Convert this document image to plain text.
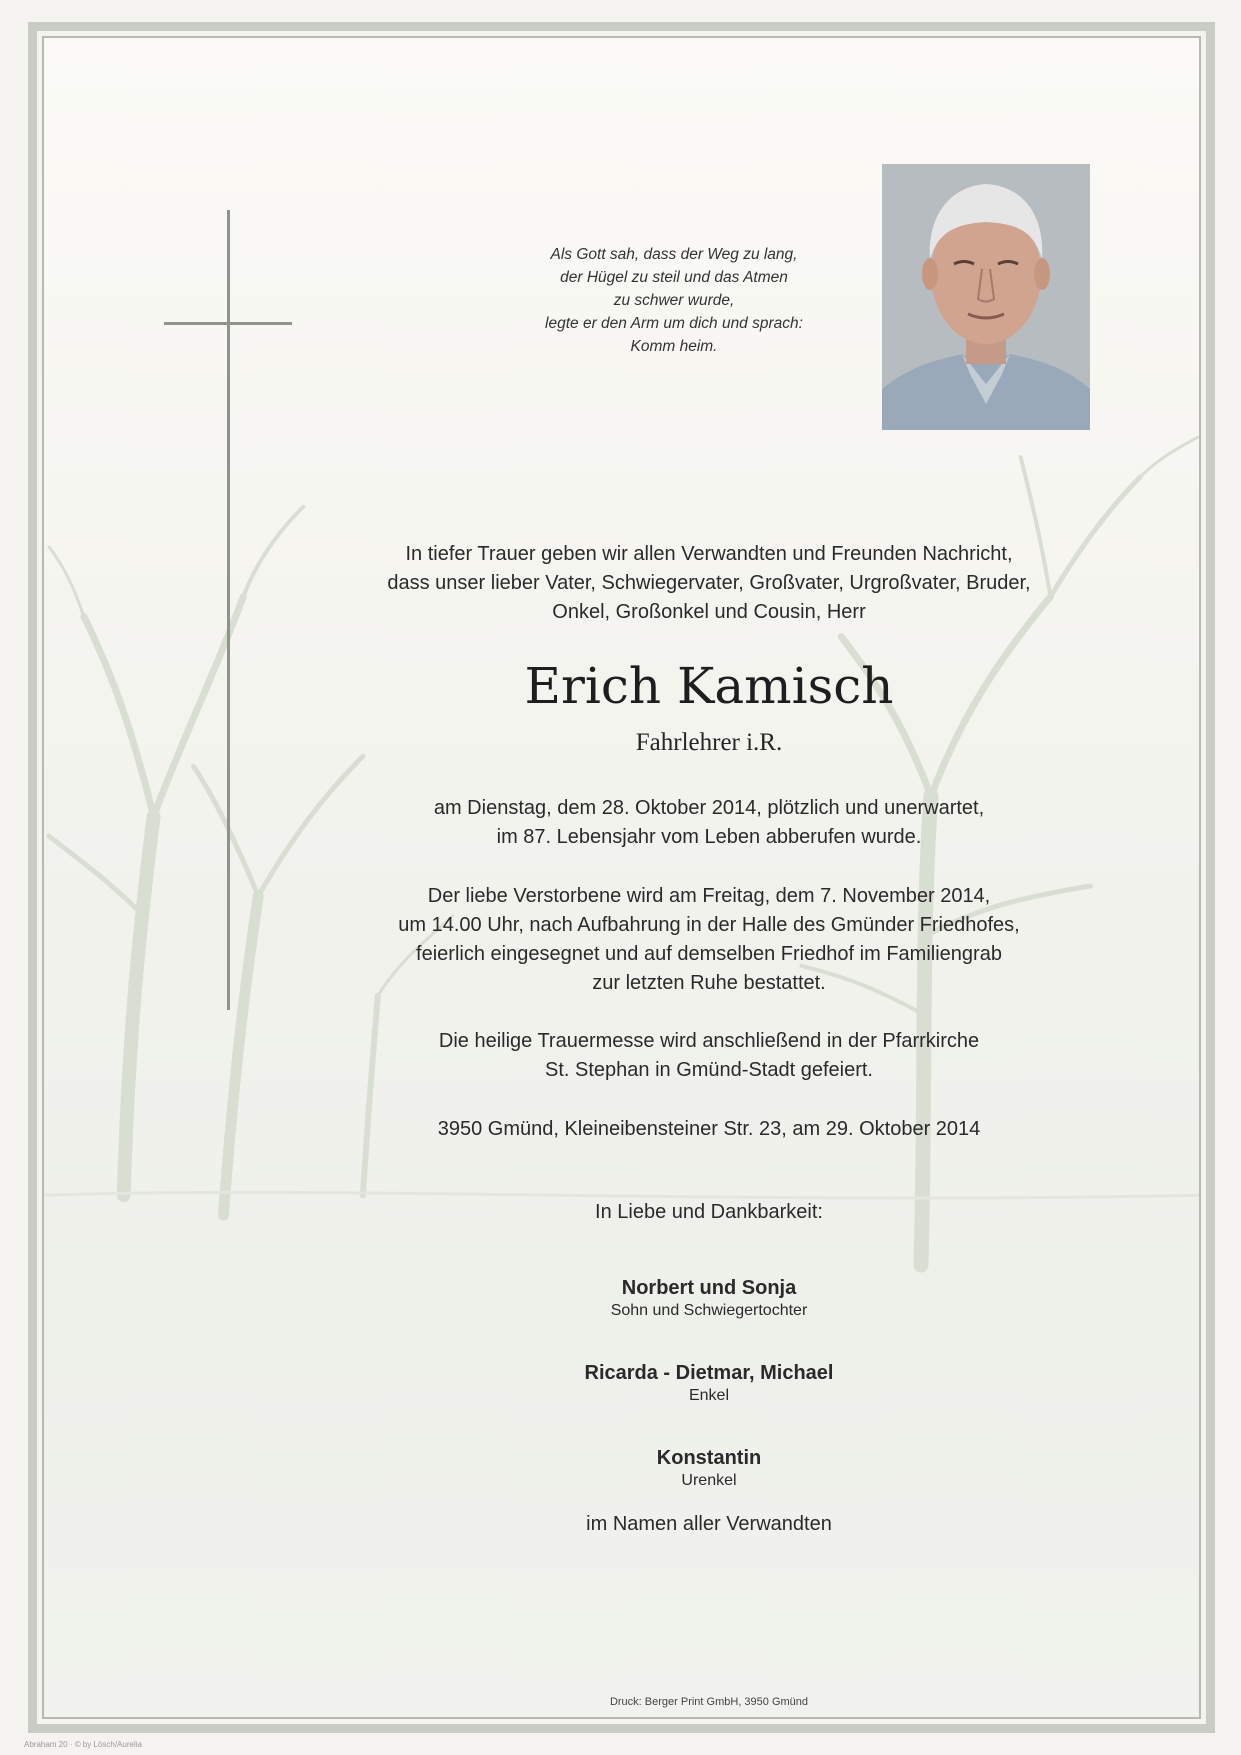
Als Gott sah, dass der Weg zu lang,
der Hügel zu steil und das Atmen
zu schwer wurde,
legte er den Arm um dich und sprach:
Komm heim.
In tiefer Trauer geben wir allen Verwandten und Freunden Nachricht,
dass unser lieber Vater, Schwiegervater, Großvater, Urgroßvater, Bruder,
Onkel, Großonkel und Cousin, Herr
Erich Kamisch
Fahrlehrer i.R.
am Dienstag, dem 28. Oktober 2014, plötzlich und unerwartet,
im 87. Lebensjahr vom Leben abberufen wurde.
Der liebe Verstorbene wird am Freitag, dem 7. November 2014,
um 14.00 Uhr, nach Aufbahrung in der Halle des Gmünder Friedhofes,
feierlich eingesegnet und auf demselben Friedhof im Familiengrab
zur letzten Ruhe bestattet.
Die heilige Trauermesse wird anschließend in der Pfarrkirche
St. Stephan in Gmünd-Stadt gefeiert.
3950 Gmünd, Kleineibensteiner Str. 23, am 29. Oktober 2014
In Liebe und Dankbarkeit:
Norbert und Sonja
Sohn und Schwiegertochter
Ricarda - Dietmar, Michael
Enkel
Konstantin
Urenkel
im Namen aller Verwandten
Druck: Berger Print GmbH, 3950 Gmünd
Abraham 20 · © by Lösch/Aurelia
